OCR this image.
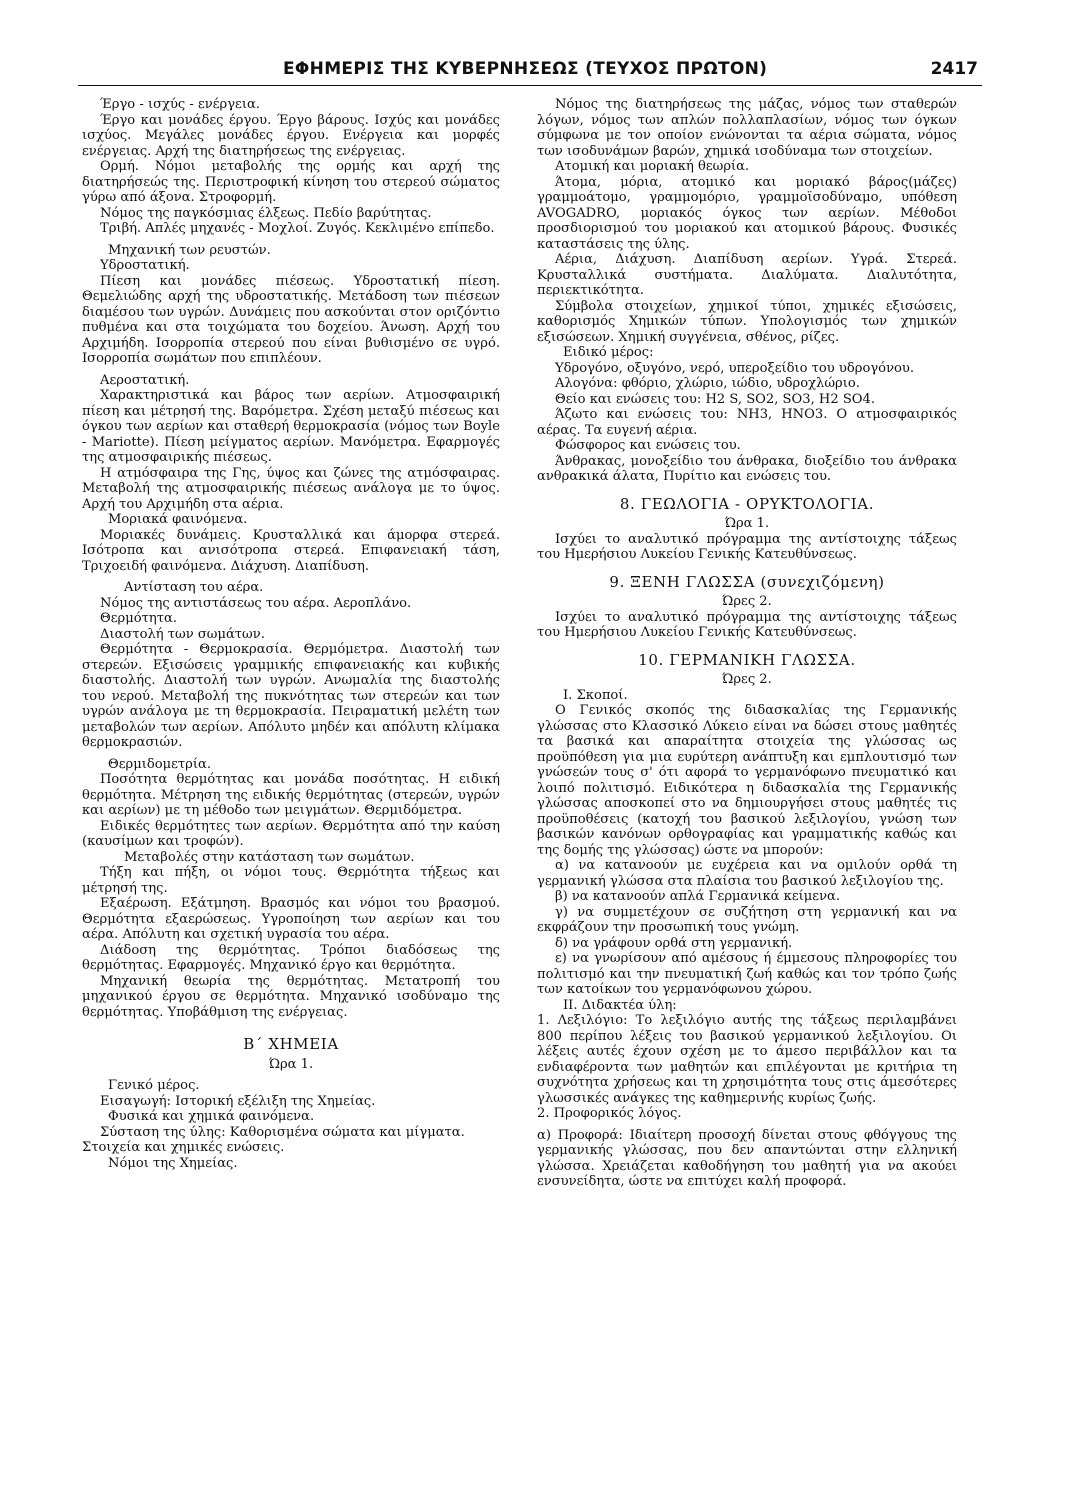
ΕΦΗΜΕΡΙΣ ΤΗΣ ΚΥΒΕΡΝΗΣΕΩΣ (ΤΕΥΧΟΣ ΠΡΩΤΟΝ)	2417

Έργο - ισχύς - ενέργεια.

Έργο και μονάδες έργου. Έργο βάρους. Ισχύς και μονάδες ισχύος. Μεγάλες μονάδες έργου. Ενέργεια και μορφές ενέργειας. Αρχή της διατηρήσεως της ενέργειας.

Ορμή. Νόμοι μεταβολής της ορμής και αρχή της διατηρήσεώς της. Περιστροφική κίνηση του στερεού σώματος γύρω από άξονα. Στροφορμή.

Νόμος της παγκόσμιας έλξεως. Πεδίο βαρύτητας.

Τριβή. Απλές μηχανές - Μοχλοί. Ζυγός. Κεκλιμένο επίπεδο.

Μηχανική των ρευστών.

Υδροστατική.

Πίεση και μονάδες πιέσεως. Υδροστατική πίεση. Θεμελιώδης αρχή της υδροστατικής. Μετάδοση των πιέσεων διαμέσου των υγρών. Δυνάμεις που ασκούνται στον οριζόντιο πυθμένα και στα τοιχώματα του δοχείου. Άνωση. Αρχή του Αρχιμήδη. Ισορροπία στερεού που είναι βυθισμένο σε υγρό. Ισορροπία σωμάτων που επιπλέουν.

Αεροστατική.

Χαρακτηριστικά και βάρος των αερίων. Ατμοσφαιρική πίεση και μέτρησή της. Βαρόμετρα. Σχέση μεταξύ πιέσεως και όγκου των αερίων και σταθερή θερμοκρασία (νόμος των Boyle - Mariotte). Πίεση μείγματος αερίων. Μανόμετρα. Εφαρμογές της ατμοσφαιρικής πιέσεως.

Η ατμόσφαιρα της Γης, ύψος και ζώνες της ατμόσφαιρας. Μεταβολή της ατμοσφαιρικής πιέσεως ανάλογα με το ύψος. Αρχή του Αρχιμήδη στα αέρια.

Μοριακά φαινόμενα.

Μοριακές δυνάμεις. Κρυσταλλικά και άμορφα στερεά. Ισότροπα και ανισότροπα στερεά. Επιφανειακή τάση, Τριχοειδή φαινόμενα. Διάχυση. Διαπίδυση.

Αντίσταση του αέρα.

Νόμος της αντιστάσεως του αέρα. Αεροπλάνο.

Θερμότητα.

Διαστολή των σωμάτων.

Θερμότητα - Θερμοκρασία. Θερμόμετρα. Διαστολή των στερεών. Εξισώσεις γραμμικής επιφανειακής και κυβικής διαστολής. Διαστολή των υγρών. Ανωμαλία της διαστολής του νερού. Μεταβολή της πυκνότητας των στερεών και των υγρών ανάλογα με τη θερμοκρασία. Πειραματική μελέτη των μεταβολών των αερίων. Απόλυτο μηδέν και απόλυτη κλίμακα θερμοκρασιών.

Θερμιδομετρία.

Ποσότητα θερμότητας και μονάδα ποσότητας. Η ειδική θερμότητα. Μέτρηση της ειδικής θερμότητας (στερεών, υγρών και αερίων) με τη μέθοδο των μειγμάτων. Θερμιδόμετρα.

Ειδικές θερμότητες των αερίων. Θερμότητα από την καύση (καυσίμων και τροφών).

Μεταβολές στην κατάσταση των σωμάτων.

Τήξη και πήξη, οι νόμοι τους. Θερμότητα τήξεως και μέτρησή της.

Εξαέρωση. Εξάτμηση. Βρασμός και νόμοι του βρασμού. Θερμότητα εξαερώσεως. Υγροποίηση των αερίων και του αέρα. Απόλυτη και σχετική υγρασία του αέρα.

Διάδοση της θερμότητας. Τρόποι διαδόσεως της θερμότητας. Εφαρμογές. Μηχανικό έργο και θερμότητα.

Μηχανική θεωρία της θερμότητας. Μετατροπή του μηχανικού έργου σε θερμότητα. Μηχανικό ισοδύναμο της θερμότητας. Υποβάθμιση της ενέργειας.

Β΄ ΧΗΜΕΙΑ

Ώρα 1.

Γενικό μέρος.

Εισαγωγή: Ιστορική εξέλιξη της Χημείας.

Φυσικά και χημικά φαινόμενα.

Σύσταση της ύλης: Καθορισμένα σώματα και μίγματα.

Στοιχεία και χημικές ενώσεις.

Νόμοι της Χημείας.

Νόμος της διατηρήσεως της μάζας, νόμος των σταθερών λόγων, νόμος των απλών πολλαπλασίων, νόμος των όγκων σύμφωνα με τον οποίον ενώνονται τα αέρια σώματα, νόμος των ισοδυνάμων βαρών, χημικά ισοδύναμα των στοιχείων.

Ατομική και μοριακή θεωρία.

Άτομα, μόρια, ατομικό και μοριακό βάρος(μάζες) γραμμοάτομο, γραμμομόριο, γραμμοϊσοδύναμο, υπόθεση AVOGADRO, μοριακός όγκος των αερίων. Μέθοδοι προσδιορισμού του μοριακού και ατομικού βάρους. Φυσικές καταστάσεις της ύλης.

Αέρια, Διάχυση. Διαπίδυση αερίων. Υγρά. Στερεά. Κρυσταλλικά συστήματα. Διαλύματα. Διαλυτότητα, περιεκτικότητα.

Σύμβολα στοιχείων, χημικοί τύποι, χημικές εξισώσεις, καθορισμός Χημικών τύπων. Υπολογισμός των χημικών εξισώσεων. Χημική συγγένεια, σθένος, ρίζες.

Ειδικό μέρος:

Υδρογόνο, οξυγόνο, νερό, υπεροξείδιο του υδρογόνου.

Αλογόνα: φθόριο, χλώριο, ιώδιο, υδροχλώριο.

Θείο και ενώσεις του: H2 S, SO2, SO3, H2 SO4.

Άζωτο και ενώσεις του: NH3, HNO3. Ο ατμοσφαιρικός αέρας. Τα ευγενή αέρια.

Φώσφορος και ενώσεις του.

Άνθρακας, μονοξείδιο του άνθρακα, διοξείδιο του άνθρακα ανθρακικά άλατα, Πυρίτιο και ενώσεις του.

8. ΓΕΩΛΟΓΙΑ - ΟΡΥΚΤΟΛΟΓΙΑ.

Ώρα 1.

Ισχύει το αναλυτικό πρόγραμμα της αντίστοιχης τάξεως του Ημερήσιου Λυκείου Γενικής Κατευθύνσεως.

9. ΞΕΝΗ ΓΛΩΣΣΑ (συνεχιζόμενη)

Ώρες 2.

Ισχύει το αναλυτικό πρόγραμμα της αντίστοιχης τάξεως του Ημερήσιου Λυκείου Γενικής Κατευθύνσεως.

10. ΓΕΡΜΑΝΙΚΗ ΓΛΩΣΣΑ.

Ώρες 2.

Ι. Σκοποί.

Ο Γενικός σκοπός της διδασκαλίας της Γερμανικής γλώσσας στο Κλασσικό Λύκειο είναι να δώσει στους μαθητές τα βασικά και απαραίτητα στοιχεία της γλώσσας ως προϋπόθεση για μια ευρύτερη ανάπτυξη και εμπλουτισμό των γνώσεών τους σ' ότι αφορά το γερμανόφωνο πνευματικό και λοιπό πολιτισμό. Ειδικότερα η διδασκαλία της Γερμανικής γλώσσας αποσκοπεί στο να δημιουργήσει στους μαθητές τις προϋποθέσεις (κατοχή του βασικού λεξιλογίου, γνώση των βασικών κανόνων ορθογραφίας και γραμματικής καθώς και της δομής της γλώσσας) ώστε να μπορούν:

α) να κατανοούν με ευχέρεια και να ομιλούν ορθά τη γερμανική γλώσσα στα πλαίσια του βασικού λεξιλογίου της.

β) να κατανοούν απλά Γερμανικά κείμενα.

γ) να συμμετέχουν σε συζήτηση στη γερμανική και να εκφράζουν την προσωπική τους γνώμη.

δ) να γράφουν ορθά στη γερμανική.

ε) να γνωρίσουν από αμέσους ή έμμεσους πληροφορίες του πολιτισμό και την πνευματική ζωή καθώς και τον τρόπο ζωής των κατοίκων του γερμανόφωνου χώρου.

ΙΙ. Διδακτέα ύλη:

1. Λεξιλόγιο: Το λεξιλόγιο αυτής της τάξεως περιλαμβάνει 800 περίπου λέξεις του βασικού γερμανικού λεξιλογίου. Οι λέξεις αυτές έχουν σχέση με το άμεσο περιβάλλον και τα ενδιαφέροντα των μαθητών και επιλέγονται με κριτήρια τη συχνότητα χρήσεως και τη χρησιμότητα τους στις άμεσότερες γλωσσικές ανάγκες της καθημερινής κυρίως ζωής.

2. Προφορικός λόγος.

α) Προφορά: Ιδιαίτερη προσοχή δίνεται στους φθόγγους της γερμανικής γλώσσας, που δεν απαντώνται στην ελληνική γλώσσα. Χρειάζεται καθοδήγηση του μαθητή για να ακούει ενσυνείδητα, ώστε να επιτύχει καλή προφορά.
